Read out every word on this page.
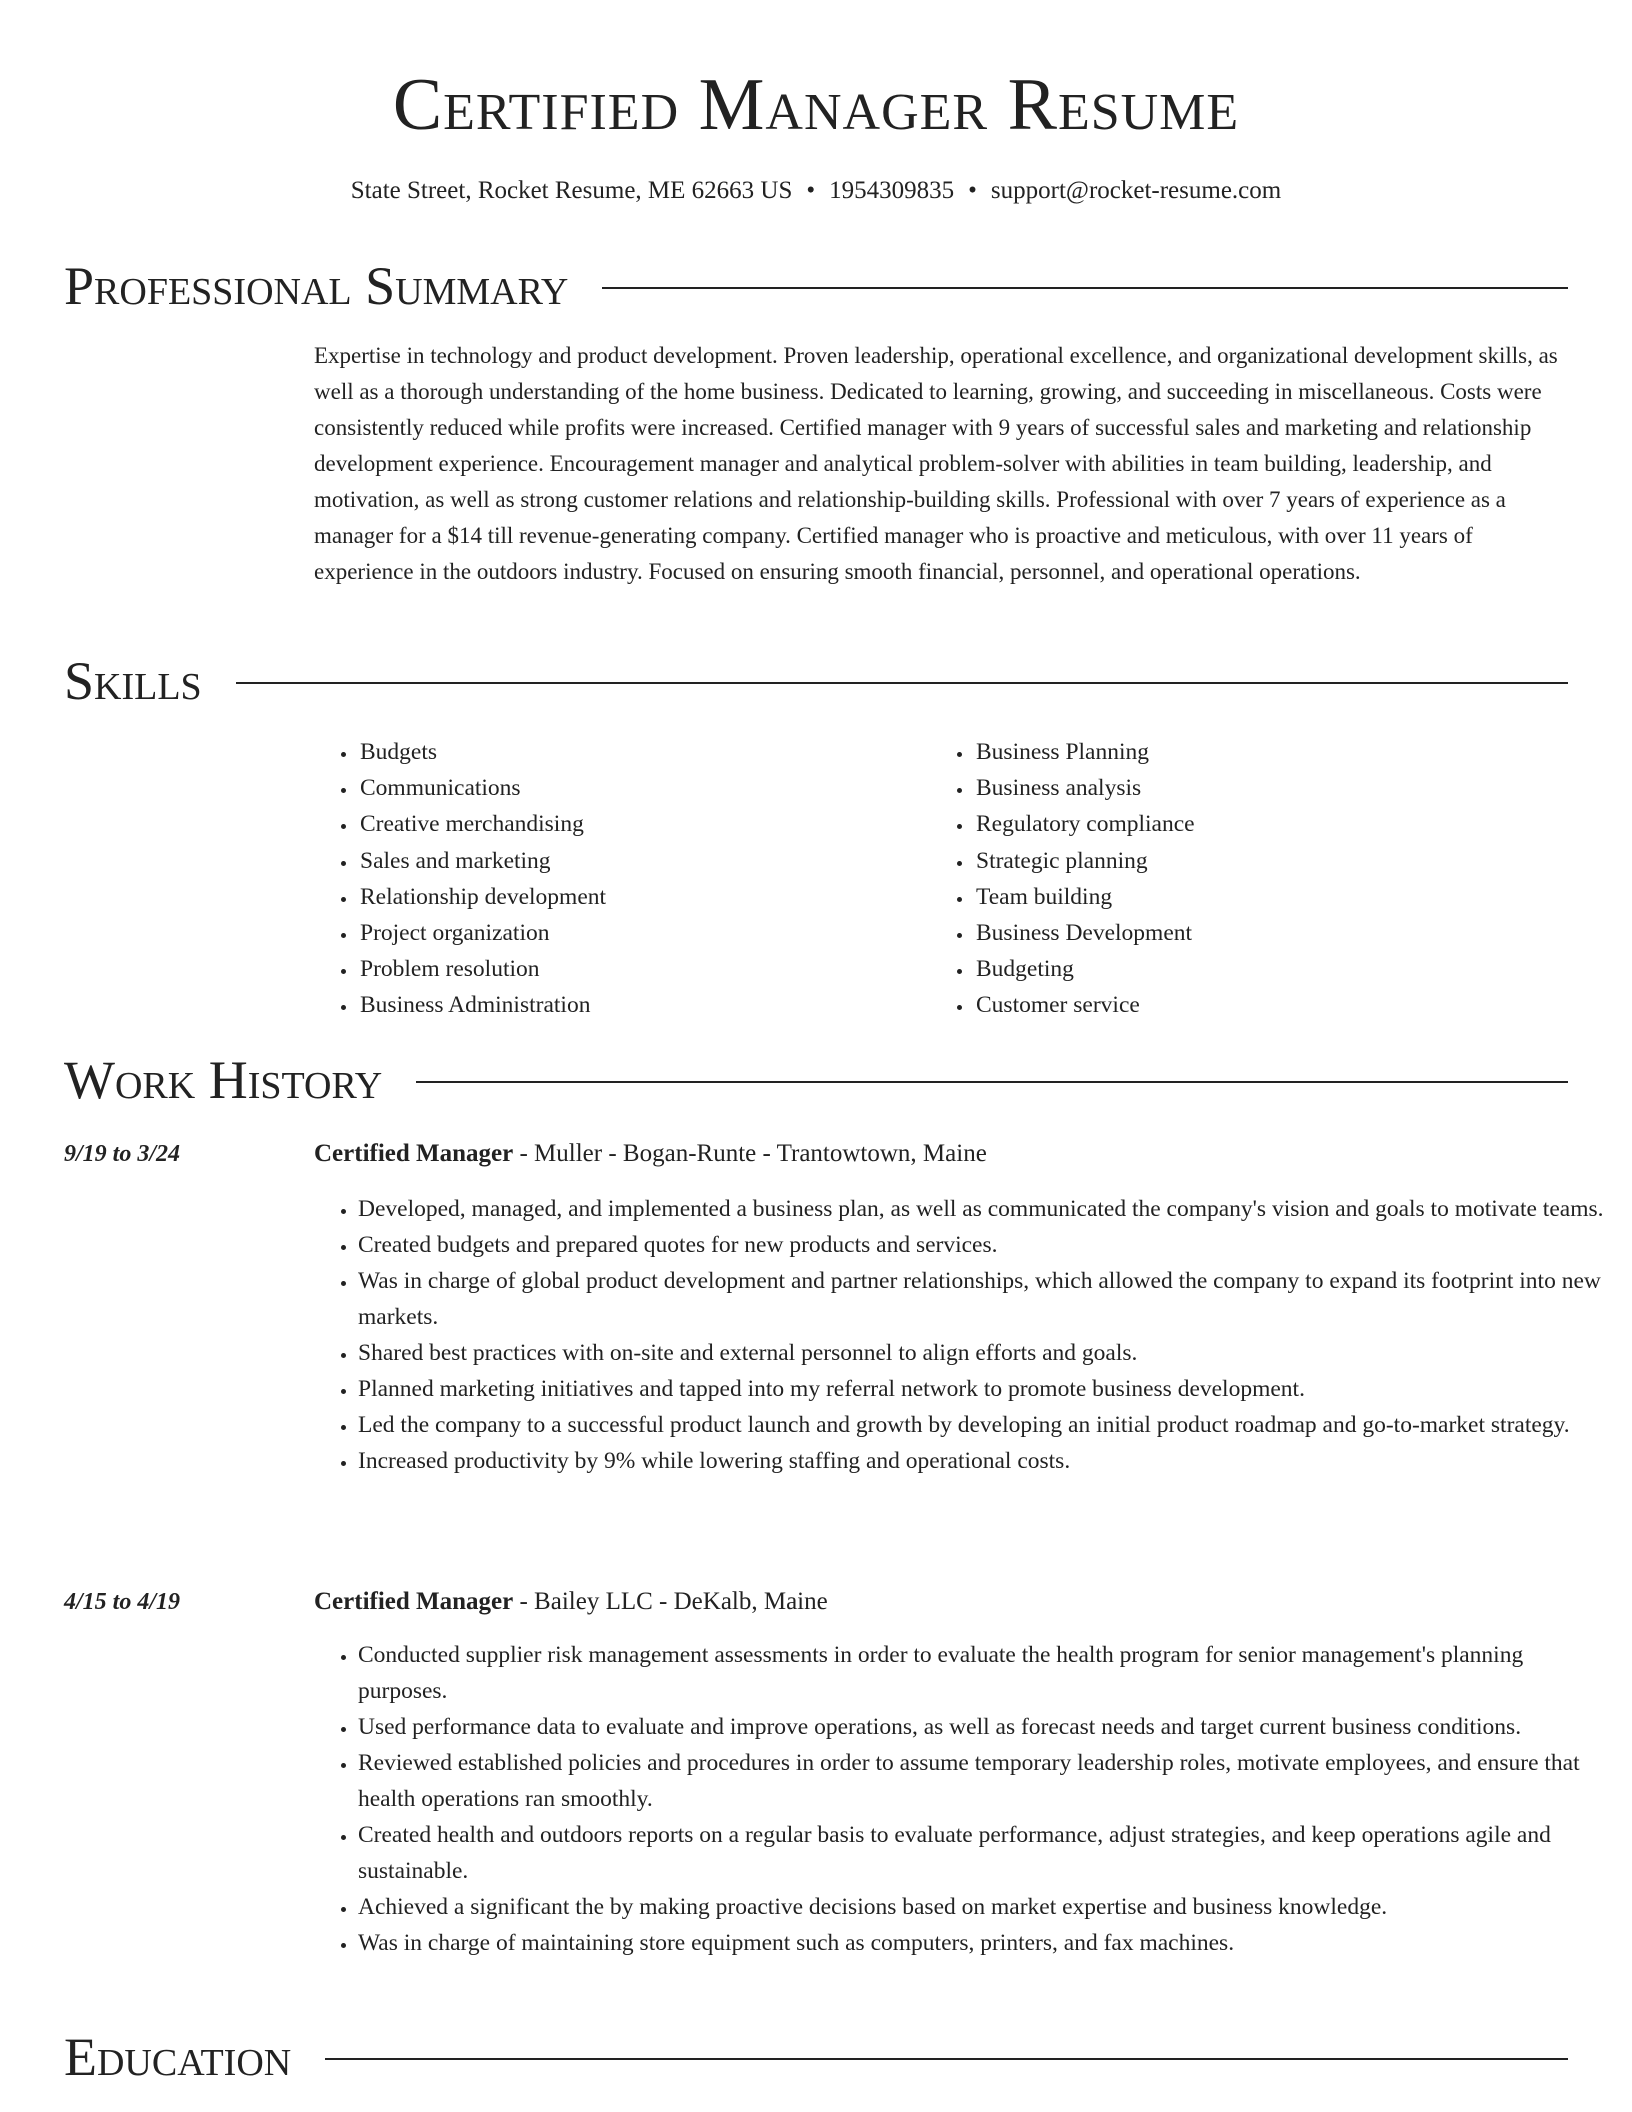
Certified Manager Resume
State Street, Rocket Resume, ME 62663 US • 1954309835 • support@rocket-resume.com
Professional Summary

Expertise in technology and product development. Proven leadership, operational excellence, and organizational development skills, as well as a thorough understanding of the home business. Dedicated to learning, growing, and succeeding in miscellaneous. Costs were consistently reduced while profits were increased. Certified manager with 9 years of successful sales and marketing and relationship development experience. Encouragement manager and analytical problem-solver with abilities in team building, leadership, and motivation, as well as strong customer relations and relationship-building skills. Professional with over 7 years of experience as a manager for a $14 till revenue-generating company. Certified manager who is proactive and meticulous, with over 11 years of experience in the outdoors industry. Focused on ensuring smooth financial, personnel, and operational operations.

Skills
• Budgets
• Communications
• Creative merchandising
• Sales and marketing
• Relationship development
• Project organization
• Problem resolution
• Business Administration
• Business Planning
• Business analysis
• Regulatory compliance
• Strategic planning
• Team building
• Business Development
• Budgeting
• Customer service
Work History
9/19 to 3/24	Certified Manager - Muller - Bogan-Runte - Trantowtown, Maine
• Developed, managed, and implemented a business plan, as well as communicated the company's vision and goals to motivate teams.
• Created budgets and prepared quotes for new products and services.
• Was in charge of global product development and partner relationships, which allowed the company to expand its footprint into new markets.
• Shared best practices with on-site and external personnel to align efforts and goals.
• Planned marketing initiatives and tapped into my referral network to promote business development.
• Led the company to a successful product launch and growth by developing an initial product roadmap and go-to-market strategy.
• Increased productivity by 9% while lowering staffing and operational costs.
4/15 to 4/19	Certified Manager - Bailey LLC - DeKalb, Maine
• Conducted supplier risk management assessments in order to evaluate the health program for senior management's planning purposes.
• Used performance data to evaluate and improve operations, as well as forecast needs and target current business conditions.
• Reviewed established policies and procedures in order to assume temporary leadership roles, motivate employees, and ensure that health operations ran smoothly.
• Created health and outdoors reports on a regular basis to evaluate performance, adjust strategies, and keep operations agile and sustainable.
• Achieved a significant the by making proactive decisions based on market expertise and business knowledge.
• Was in charge of maintaining store equipment such as computers, printers, and fax machines.
Education
